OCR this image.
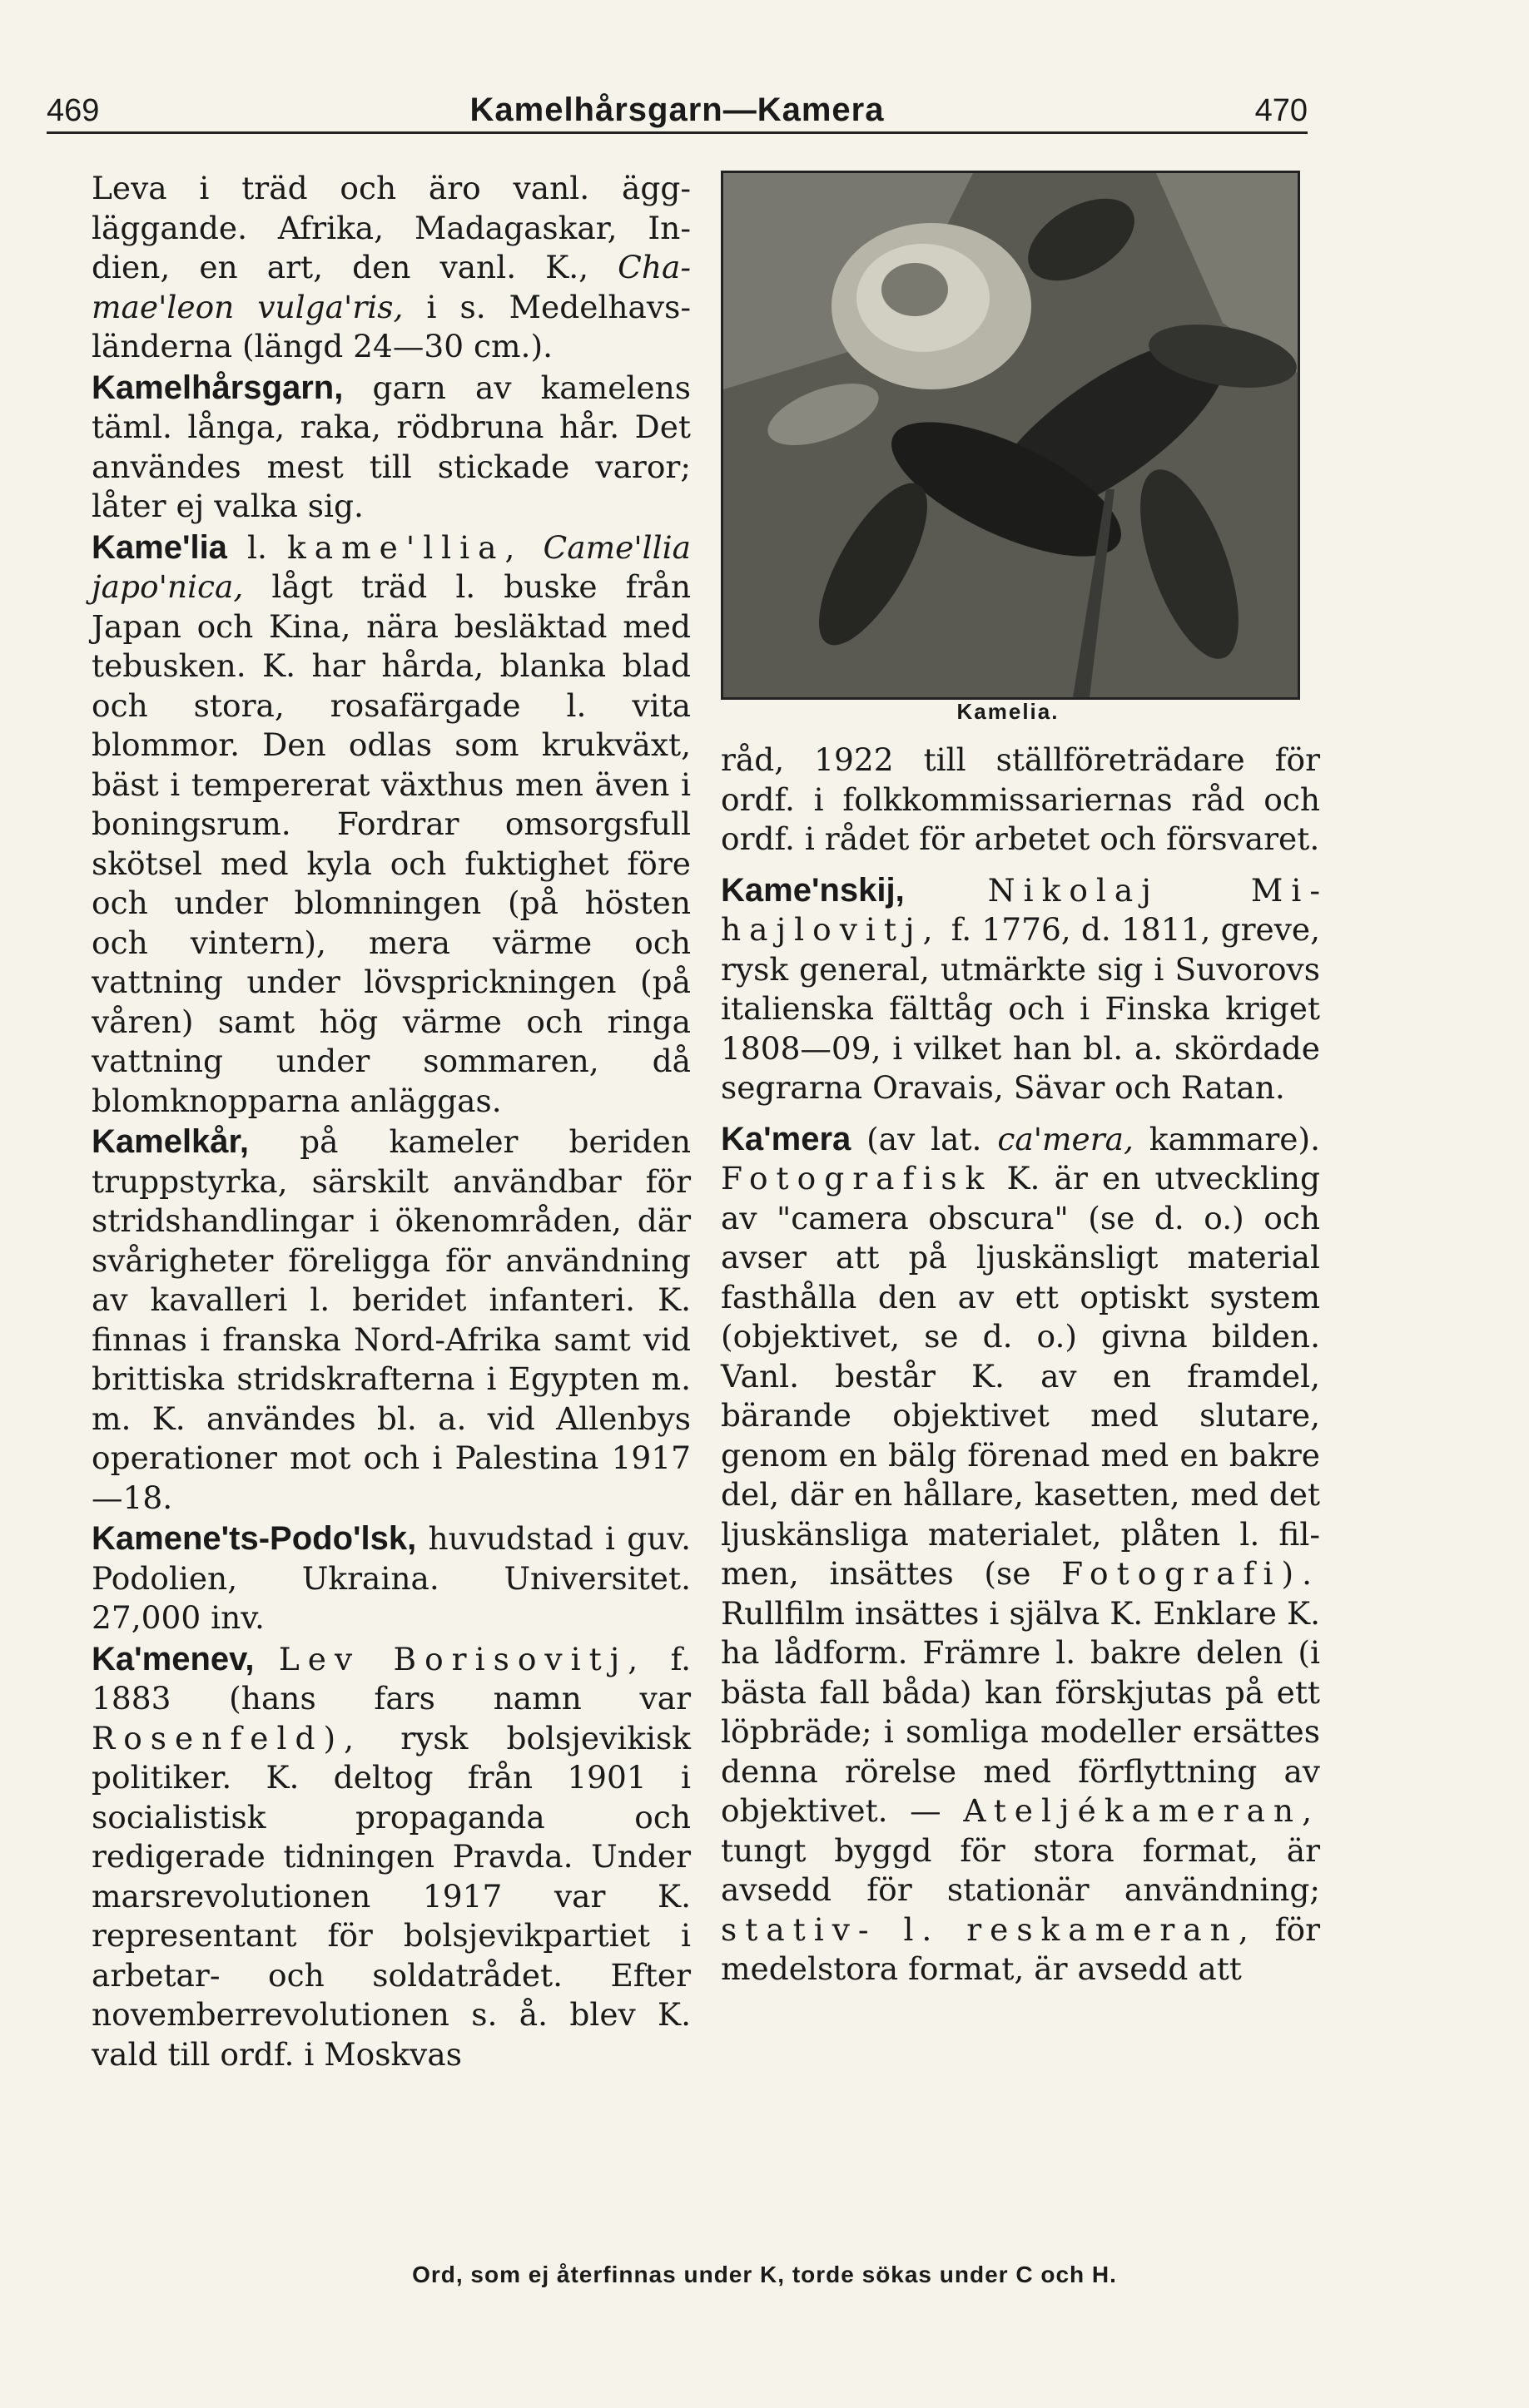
469	Kamelhårsgarn—Kamera	470

Leva i träd och äro vanl. äggläggande. Afrika, Madagaskar, Indien, en art, den vanl. K., Chamae'leon vulga'ris, i s. Medelhavsländerna (längd 24—30 cm.).

Kamelhårsgarn, garn av kamelens täml. långa, raka, rödbruna hår. Det användes mest till stickade varor; låter ej valka sig.

Kame'lia l. kame'llia, Came'llia japo'nica, lågt träd l. buske från Japan och Kina, nära besläktad med tebusken. K. har hårda, blanka blad och stora, rosafärgade l. vita blommor. Den odlas som krukväxt, bäst i tempererat växthus men även i boningsrum. Fordrar omsorgsfull skötsel med kyla och fuktighet före och under blomningen (på hösten och vintern), mera värme och vattning under lövsprickningen (på våren) samt hög värme och ringa vattning under sommaren, då blomknopparna anläggas.

Kamelkår, på kameler beriden truppstyrka, särskilt användbar för stridshandlingar i ökenområden, där svårigheter föreligga för användning av kavalleri l. beridet infanteri. K. finnas i franska Nord-Afrika samt vid brittiska stridskrafterna i Egypten m. m. K. användes bl. a. vid Allenbys operationer mot och i Palestina 1917—18.

Kamene'ts-Podo'lsk, huvudstad i guv. Podolien, Ukraina. Universitet. 27,000 inv.

Ka'menev, Lev Borisovitj, f. 1883 (hans fars namn var Rosenfeld), rysk bolsjevikisk politiker. K. deltog från 1901 i socialistisk propaganda och redigerade tidningen Pravda. Under marsrevolutionen 1917 var K. representant för bolsjevikpartiet i arbetar- och soldatrådet. Efter novemberrevolutionen s. å. blev K. vald till ordf. i Moskvas

Kamelia.

råd, 1922 till ställföreträdare för ordf. i folkkommissariernas råd och ordf. i rådet för arbetet och försvaret.

Kame'nskij,	Nikolaj Mihajlovitj, f. 1776, d. 1811, greve, rysk general, utmärkte sig i Suvorovs italienska fälttåg och i Finska kriget 1808—09, i vilket han bl. a. skördade segrarna Oravais, Sävar och Ratan.

Ka'mera (av lat. ca'mera, kammare). Fotografisk K. är en utveckling av "camera obscura" (se d. o.) och avser att på ljuskänsligt material fasthålla den av ett optiskt system (objektivet, se d. o.) givna bilden. Vanl. består K. av en framdel, bärande objektivet med slutare, genom en bälg förenad med en bakre del, där en hållare, kasetten, med det ljuskänsliga materialet, plåten l. filmen, insättes (se Fotografi). Rullfilm insättes i själva K. Enklare K. ha lådform. Främre l. bakre delen (i bästa fall båda) kan förskjutas på ett löpbräde; i somliga modeller ersättes denna rörelse med förflyttning av objektivet. — Ateljékameran, tungt byggd för stora format, är avsedd för stationär användning; stativ- l. reskameran, för medelstora format, är avsedd att

Ord, som ej återfinnas under K, torde sökas under C och H.
